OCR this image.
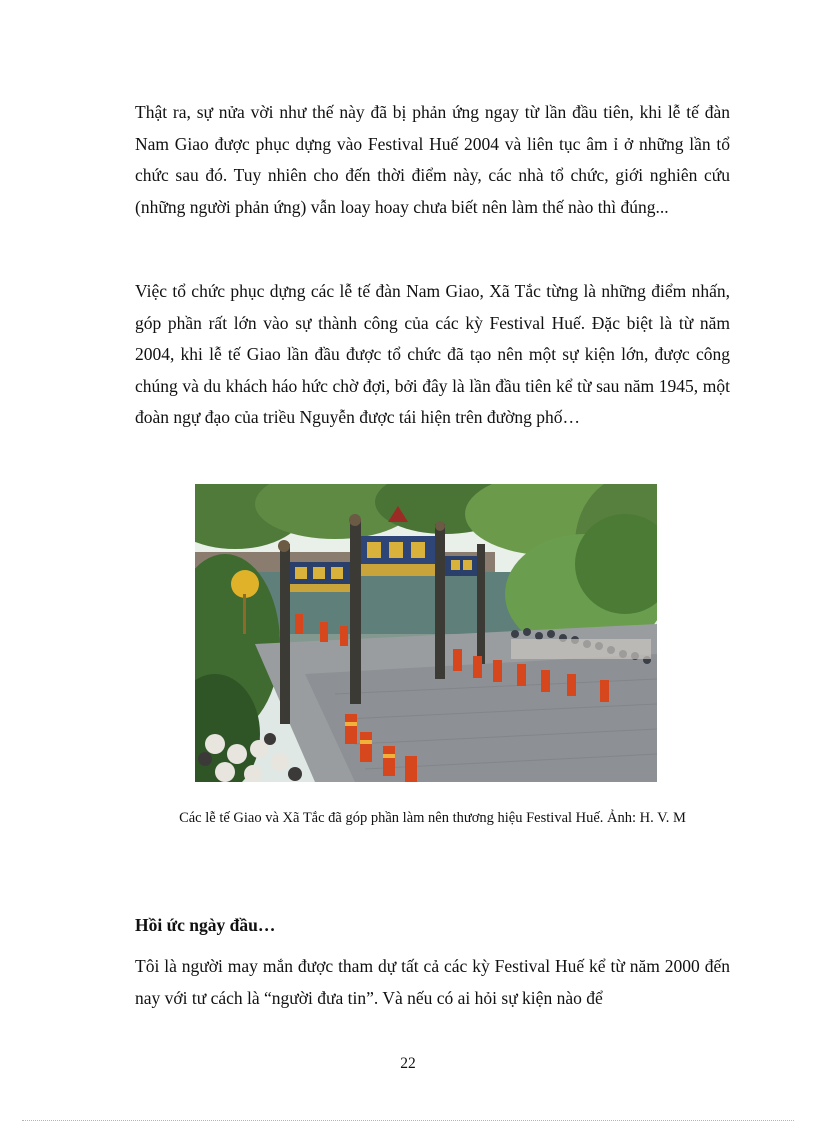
Thật ra, sự nửa vời như thế này đã bị phản ứng ngay từ lần đầu tiên, khi lễ tế đàn Nam Giao được phục dựng vào Festival Huế 2004 và liên tục âm ỉ ở những lần tổ chức sau đó. Tuy nhiên cho đến thời điểm này, các nhà tổ chức, giới nghiên cứu (những người phản ứng) vẫn loay hoay chưa biết nên làm thế nào thì đúng...

Việc tổ chức phục dựng các lễ tế đàn Nam Giao, Xã Tắc từng là những điểm nhấn, góp phần rất lớn vào sự thành công của các kỳ Festival Huế. Đặc biệt là từ năm 2004, khi lễ tế Giao lần đầu được tổ chức đã tạo nên một sự kiện lớn, được công chúng và du khách háo hức chờ đợi, bởi đây là lần đầu tiên kể từ sau năm 1945, một đoàn ngự đạo của triều Nguyễn được tái hiện trên đường phố…

Các lễ tế Giao và Xã Tắc đã góp phần làm nên thương hiệu Festival Huế. Ảnh: H. V. M

Hồi ức ngày đầu…

Tôi là người may mắn được tham dự tất cả các kỳ Festival Huế kể từ năm 2000 đến nay với tư cách là “người đưa tin”. Và nếu có ai hỏi sự kiện nào để

22
